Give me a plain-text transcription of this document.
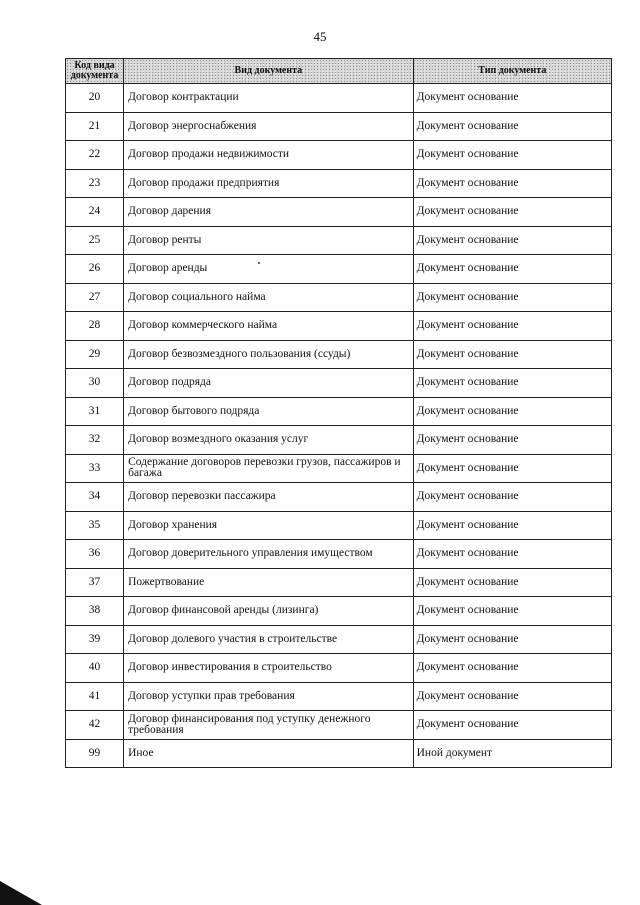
45
Код вида документа	Вид документа	Тип документа
20	Договор контрактации	Документ основание
21	Договор энергоснабжения	Документ основание
22	Договор продажи недвижимости	Документ основание
23	Договор продажи предприятия	Документ основание
24	Договор дарения	Документ основание
25	Договор ренты	Документ основание
26	Договор аренды	Документ основание
27	Договор социального найма	Документ основание
28	Договор коммерческого найма	Документ основание
29	Договор безвозмездного пользования (ссуды)	Документ основание
30	Договор подряда	Документ основание
31	Договор бытового подряда	Документ основание
32	Договор возмездного оказания услуг	Документ основание
33	Содержание договоров перевозки грузов, пассажиров и багажа	Документ основание
34	Договор перевозки пассажира	Документ основание
35	Договор хранения	Документ основание
36	Договор доверительного управления имуществом	Документ основание
37	Пожертвование	Документ основание
38	Договор финансовой аренды (лизинга)	Документ основание
39	Договор долевого участия в строительстве	Документ основание
40	Договор инвестирования в строительство	Документ основание
41	Договор уступки прав требования	Документ основание
42	Договор финансирования под уступку денежного требования	Документ основание
99	Иное	Иной документ
